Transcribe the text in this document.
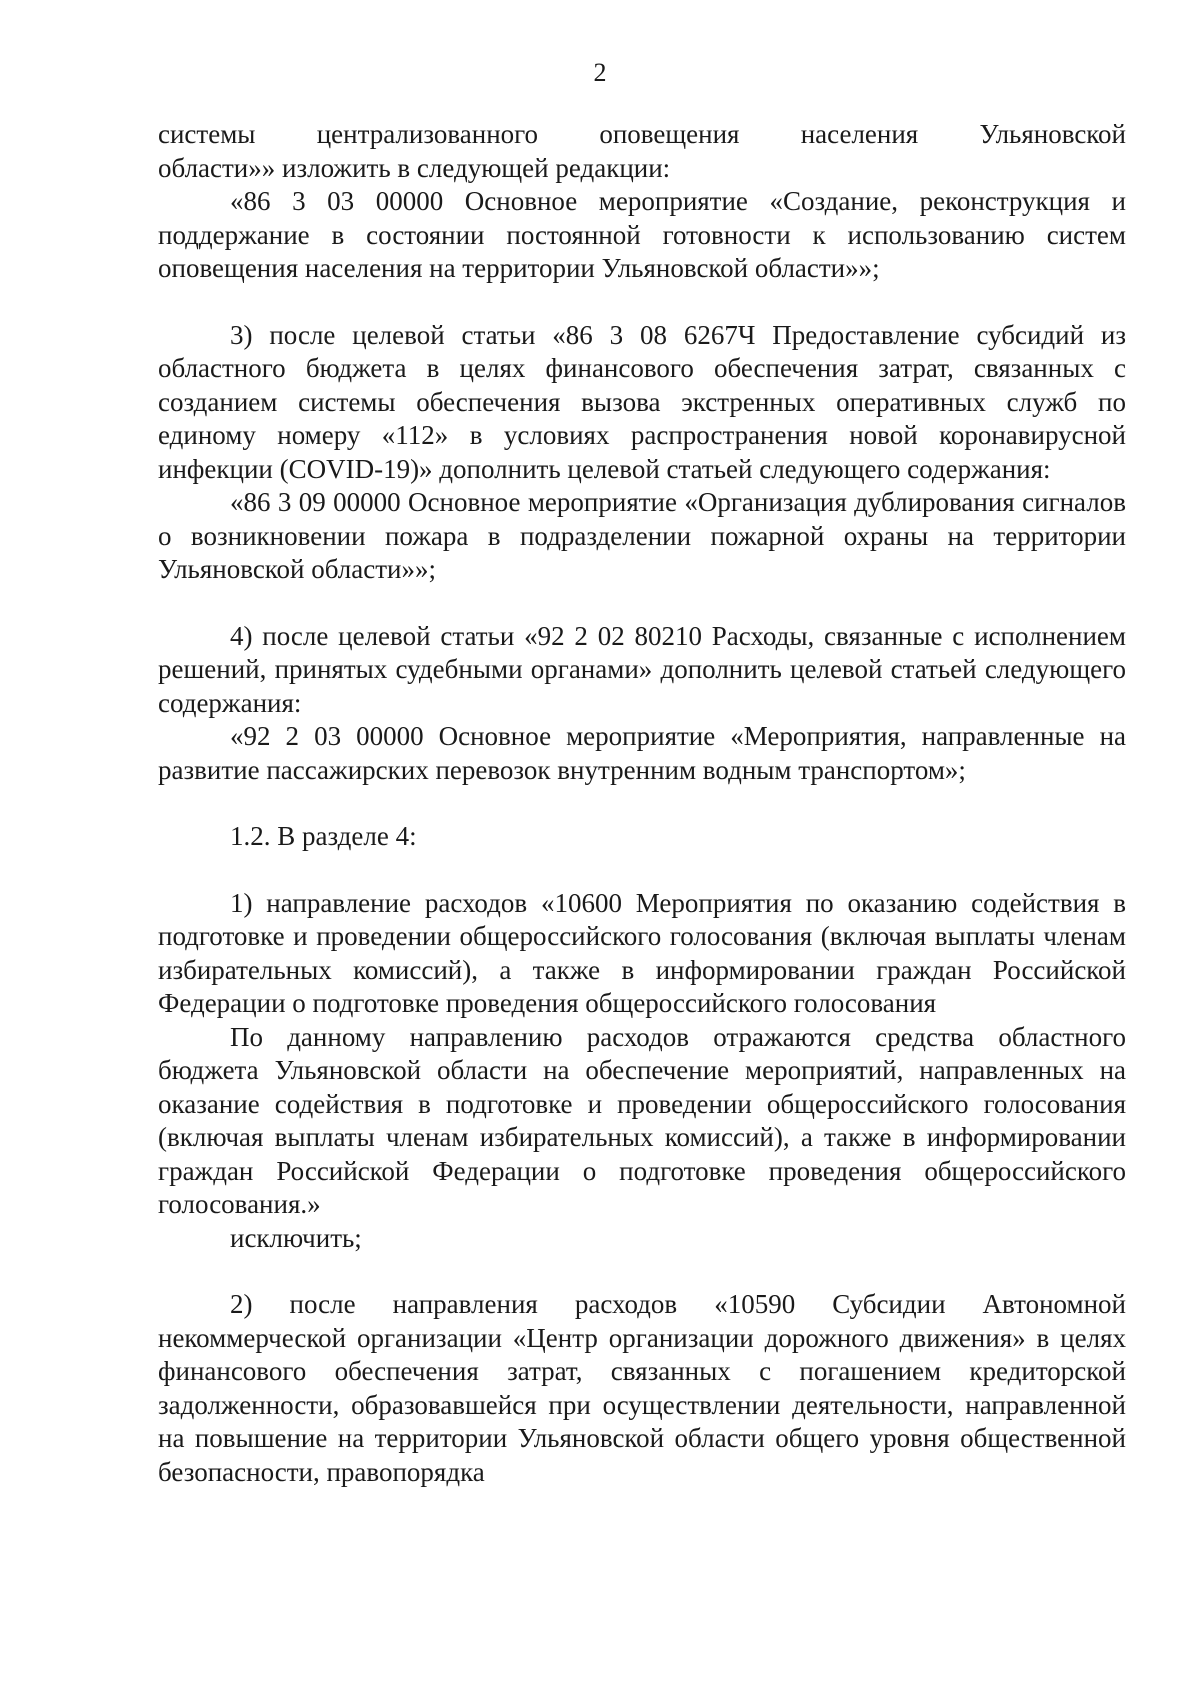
2

системы централизованного оповещения населения Ульяновской
области»» изложить в следующей редакции:

«86 3 03 00000 Основное мероприятие «Создание, реконструкция и поддержание в состоянии постоянной готовности к использованию систем оповещения населения на территории Ульяновской области»»;

3) после целевой статьи «86 3 08 6267Ч Предоставление субсидий из областного бюджета в целях финансового обеспечения затрат, связанных с созданием системы обеспечения вызова экстренных оперативных служб по единому номеру «112» в условиях распространения новой коронавирусной инфекции (COVID-19)» дополнить целевой статьей следующего содержания:

«86 3 09 00000 Основное мероприятие «Организация дублирования сигналов о возникновении пожара в подразделении пожарной охраны на территории Ульяновской области»»;

4) после целевой статьи «92 2 02 80210 Расходы, связанные с исполнением решений, принятых судебными органами» дополнить целевой статьей следующего содержания:

«92 2 03 00000 Основное мероприятие «Мероприятия, направленные на развитие пассажирских перевозок внутренним водным транспортом»;

1.2. В разделе 4:

1) направление расходов «10600 Мероприятия по оказанию содействия в подготовке и проведении общероссийского голосования (включая выплаты членам избирательных комиссий), а также в информировании граждан Российской Федерации о подготовке проведения общероссийского голосования

По данному направлению расходов отражаются средства областного бюджета Ульяновской области на обеспечение мероприятий, направленных на оказание содействия в подготовке и проведении общероссийского голосования (включая выплаты членам избирательных комиссий), а также в информировании граждан Российской Федерации о подготовке проведения общероссийского голосования.»

исключить;

2) после направления расходов «10590 Субсидии Автономной некоммерческой организации «Центр организации дорожного движения» в целях финансового обеспечения затрат, связанных с погашением кредиторской задолженности, образовавшейся при осуществлении деятельности, направленной на повышение на территории Ульяновской области общего уровня общественной безопасности, правопорядка
